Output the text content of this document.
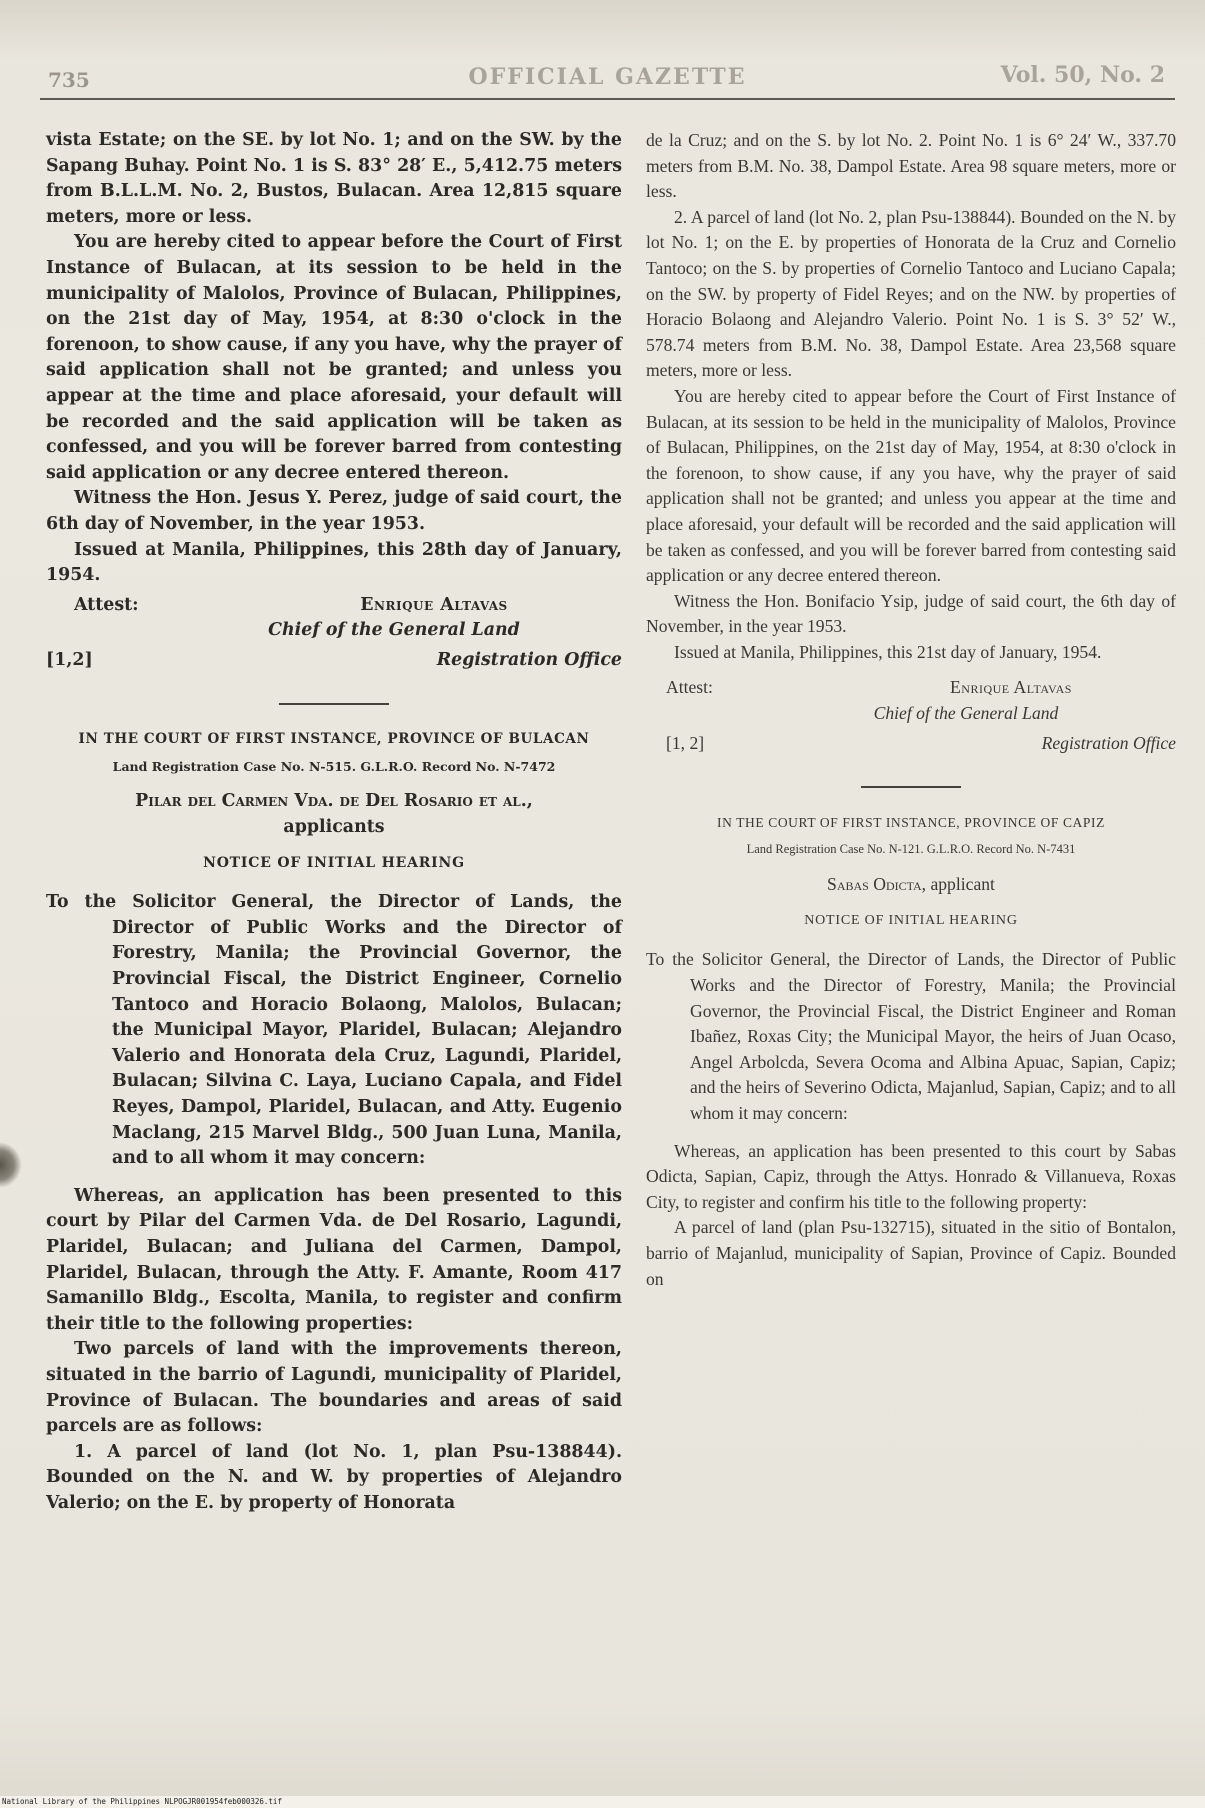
735	OFFICIAL GAZETTE	Vol. 50, No. 2

vista Estate; on the SE. by lot No. 1; and on the SW. by the Sapang Buhay. Point No. 1 is S. 83° 28′ E., 5,412.75 meters from B.L.L.M. No. 2, Bustos, Bulacan. Area 12,815 square meters, more or less.

You are hereby cited to appear before the Court of First Instance of Bulacan, at its session to be held in the municipality of Malolos, Province of Bulacan, Philippines, on the 21st day of May, 1954, at 8:30 o'clock in the forenoon, to show cause, if any you have, why the prayer of said application shall not be granted; and unless you appear at the time and place aforesaid, your default will be recorded and the said application will be taken as confessed, and you will be forever barred from contesting said application or any decree entered thereon.

Witness the Hon. Jesus Y. Perez, judge of said court, the 6th day of November, in the year 1953.

Issued at Manila, Philippines, this 28th day of January, 1954.

Attest:	Enrique Altavas

Chief of the General Land

[1,2]	Registration Office

IN THE COURT OF FIRST INSTANCE, PROVINCE OF BULACAN

Land Registration Case No. N-515. G.L.R.O. Record No. N-7472

Pilar del Carmen Vda. de Del Rosario et al.,
applicants

NOTICE OF INITIAL HEARING

To the Solicitor General, the Director of Lands, the Director of Public Works and the Director of Forestry, Manila; the Provincial Governor, the Provincial Fiscal, the District Engineer, Cornelio Tantoco and Horacio Bolaong, Malolos, Bulacan; the Municipal Mayor, Plaridel, Bulacan; Alejandro Valerio and Honorata dela Cruz, Lagundi, Plaridel, Bulacan; Silvina C. Laya, Luciano Capala, and Fidel Reyes, Dampol, Plaridel, Bulacan, and Atty. Eugenio Maclang, 215 Marvel Bldg., 500 Juan Luna, Manila, and to all whom it may concern:

Whereas, an application has been presented to this court by Pilar del Carmen Vda. de Del Rosario, Lagundi, Plaridel, Bulacan; and Juliana del Carmen, Dampol, Plaridel, Bulacan, through the Atty. F. Amante, Room 417 Samanillo Bldg., Escolta, Manila, to register and confirm their title to the following properties:

Two parcels of land with the improvements thereon, situated in the barrio of Lagundi, municipality of Plaridel, Province of Bulacan. The boundaries and areas of said parcels are as follows:

1. A parcel of land (lot No. 1, plan Psu-138844). Bounded on the N. and W. by properties of Alejandro Valerio; on the E. by property of Honorata

de la Cruz; and on the S. by lot No. 2. Point No. 1 is 6° 24′ W., 337.70 meters from B.M. No. 38, Dampol Estate. Area 98 square meters, more or less.

2. A parcel of land (lot No. 2, plan Psu-138844). Bounded on the N. by lot No. 1; on the E. by properties of Honorata de la Cruz and Cornelio Tantoco; on the S. by properties of Cornelio Tantoco and Luciano Capala; on the SW. by property of Fidel Reyes; and on the NW. by properties of Horacio Bolaong and Alejandro Valerio. Point No. 1 is S. 3° 52′ W., 578.74 meters from B.M. No. 38, Dampol Estate. Area 23,568 square meters, more or less.

You are hereby cited to appear before the Court of First Instance of Bulacan, at its session to be held in the municipality of Malolos, Province of Bulacan, Philippines, on the 21st day of May, 1954, at 8:30 o'clock in the forenoon, to show cause, if any you have, why the prayer of said application shall not be granted; and unless you appear at the time and place aforesaid, your default will be recorded and the said application will be taken as confessed, and you will be forever barred from contesting said application or any decree entered thereon.

Witness the Hon. Bonifacio Ysip, judge of said court, the 6th day of November, in the year 1953.

Issued at Manila, Philippines, this 21st day of January, 1954.

Attest:	Enrique Altavas

Chief of the General Land

[1, 2]	Registration Office

IN THE COURT OF FIRST INSTANCE, PROVINCE OF CAPIZ

Land Registration Case No. N-121. G.L.R.O. Record No. N-7431

Sabas Odicta, applicant

NOTICE OF INITIAL HEARING

To the Solicitor General, the Director of Lands, the Director of Public Works and the Director of Forestry, Manila; the Provincial Governor, the Provincial Fiscal, the District Engineer and Roman Ibañez, Roxas City; the Municipal Mayor, the heirs of Juan Ocaso, Angel Arbolcda, Severa Ocoma and Albina Apuac, Sapian, Capiz; and the heirs of Severino Odicta, Majanlud, Sapian, Capiz; and to all whom it may concern:

Whereas, an application has been presented to this court by Sabas Odicta, Sapian, Capiz, through the Attys. Honrado & Villanueva, Roxas City, to register and confirm his title to the following property:

A parcel of land (plan Psu-132715), situated in the sitio of Bontalon, barrio of Majanlud, municipality of Sapian, Province of Capiz. Bounded on

National Library of the Philippines NLPOGJR001954feb000326.tif
